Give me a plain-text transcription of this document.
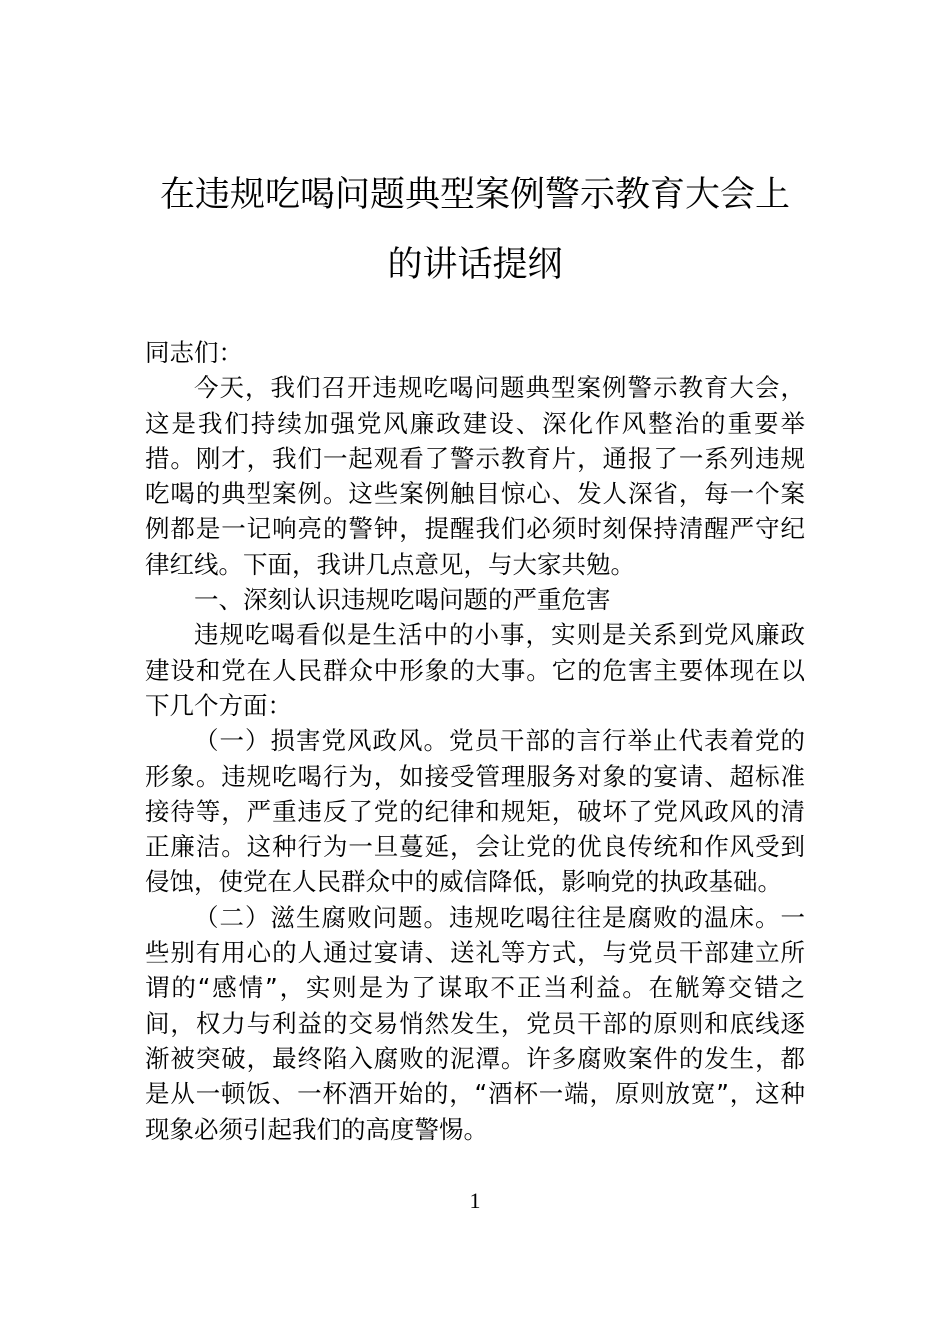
在违规吃喝问题典型案例警示教育大会上
的讲话提纲

同志们：

今天，我们召开违规吃喝问题典型案例警示教育大会，这是我们持续加强党风廉政建设、深化作风整治的重要举措。刚才，我们一起观看了警示教育片，通报了一系列违规吃喝的典型案例。这些案例触目惊心、发人深省，每一个案例都是一记响亮的警钟，提醒我们必须时刻保持清醒严守纪律红线。下面，我讲几点意见，与大家共勉。

一、深刻认识违规吃喝问题的严重危害

违规吃喝看似是生活中的小事，实则是关系到党风廉政建设和党在人民群众中形象的大事。它的危害主要体现在以下几个方面：

（一）损害党风政风。党员干部的言行举止代表着党的形象。违规吃喝行为，如接受管理服务对象的宴请、超标准接待等，严重违反了党的纪律和规矩，破坏了党风政风的清正廉洁。这种行为一旦蔓延，会让党的优良传统和作风受到侵蚀，使党在人民群众中的威信降低，影响党的执政基础。

（二）滋生腐败问题。违规吃喝往往是腐败的温床。一些别有用心的人通过宴请、送礼等方式，与党员干部建立所谓的“感情”，实则是为了谋取不正当利益。在觥筹交错之间，权力与利益的交易悄然发生，党员干部的原则和底线逐渐被突破，最终陷入腐败的泥潭。许多腐败案件的发生，都是从一顿饭、一杯酒开始的，“酒杯一端，原则放宽”，这种现象必须引起我们的高度警惕。

1
